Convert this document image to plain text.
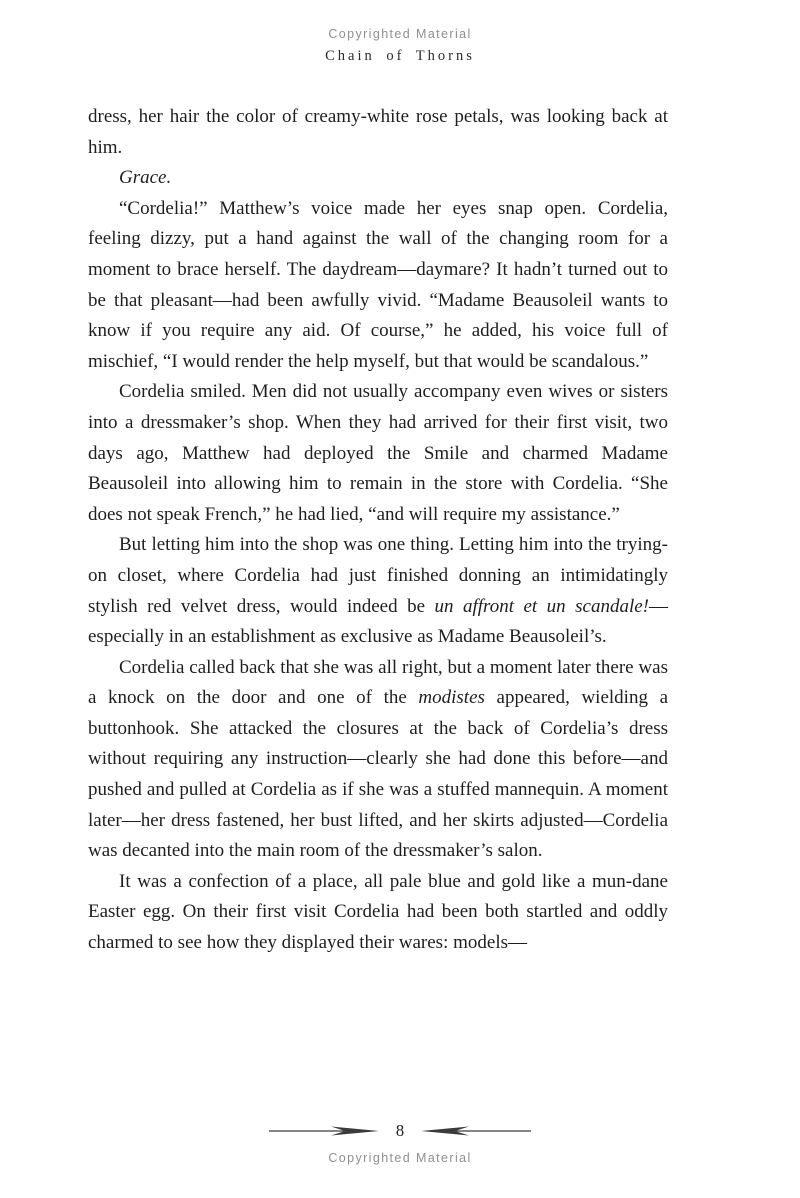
Copyrighted Material
Chain of Thorns

dress, her hair the color of creamy-white rose petals, was looking back at him.

Grace.

“Cordelia!” Matthew’s voice made her eyes snap open. Cordelia, feeling dizzy, put a hand against the wall of the changing room for a moment to brace herself. The daydream—daymare? It hadn’t turned out to be that pleasant—had been awfully vivid. “Madame Beausoleil wants to know if you require any aid. Of course,” he added, his voice full of mischief, “I would render the help myself, but that would be scandalous.”

Cordelia smiled. Men did not usually accompany even wives or sisters into a dressmaker’s shop. When they had arrived for their first visit, two days ago, Matthew had deployed the Smile and charmed Madame Beausoleil into allowing him to remain in the store with Cordelia. “She does not speak French,” he had lied, “and will require my assistance.”

But letting him into the shop was one thing. Letting him into the trying-on closet, where Cordelia had just finished donning an intimidatingly stylish red velvet dress, would indeed be un affront et un scandale!—especially in an establishment as exclusive as Madame Beausoleil’s.

Cordelia called back that she was all right, but a moment later there was a knock on the door and one of the modistes appeared, wielding a buttonhook. She attacked the closures at the back of Cordelia’s dress without requiring any instruction—clearly she had done this before—and pushed and pulled at Cordelia as if she was a stuffed mannequin. A moment later—her dress fastened, her bust lifted, and her skirts adjusted—Cordelia was decanted into the main room of the dressmaker’s salon.

It was a confection of a place, all pale blue and gold like a mun-dane Easter egg. On their first visit Cordelia had been both startled and oddly charmed to see how they displayed their wares: models—

8
Copyrighted Material
